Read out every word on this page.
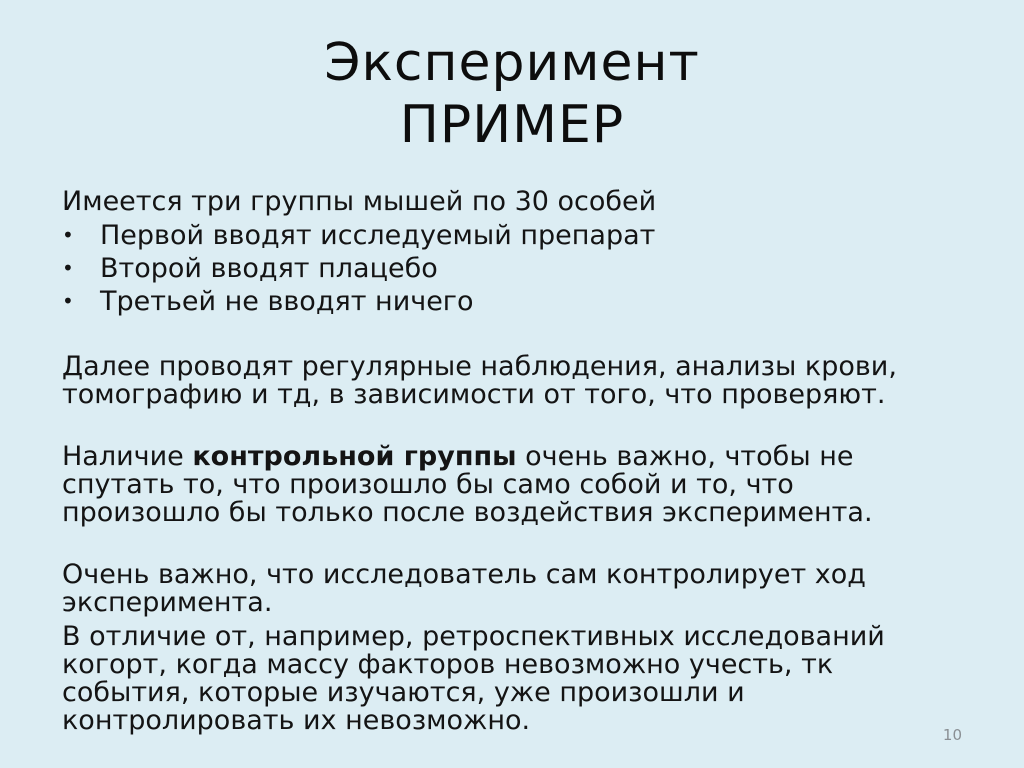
Эксперимент
ПРИМЕР

Имеется три группы мышей по 30 особей

• Первой вводят исследуемый препарат
• Второй вводят плацебо
• Третьей не вводят ничего

Далее проводят регулярные наблюдения, анализы крови,
томографию и тд, в зависимости от того, что проверяют.

Наличие контрольной группы очень важно, чтобы не
спутать то, что произошло бы само собой и то, что
произошло бы только после воздействия эксперимента.

Очень важно, что исследователь сам контролирует ход
эксперимента.

В отличие от, например, ретроспективных исследований
когорт, когда массу факторов невозможно учесть, тк
события, которые изучаются, уже произошли и
контролировать их невозможно.	10
